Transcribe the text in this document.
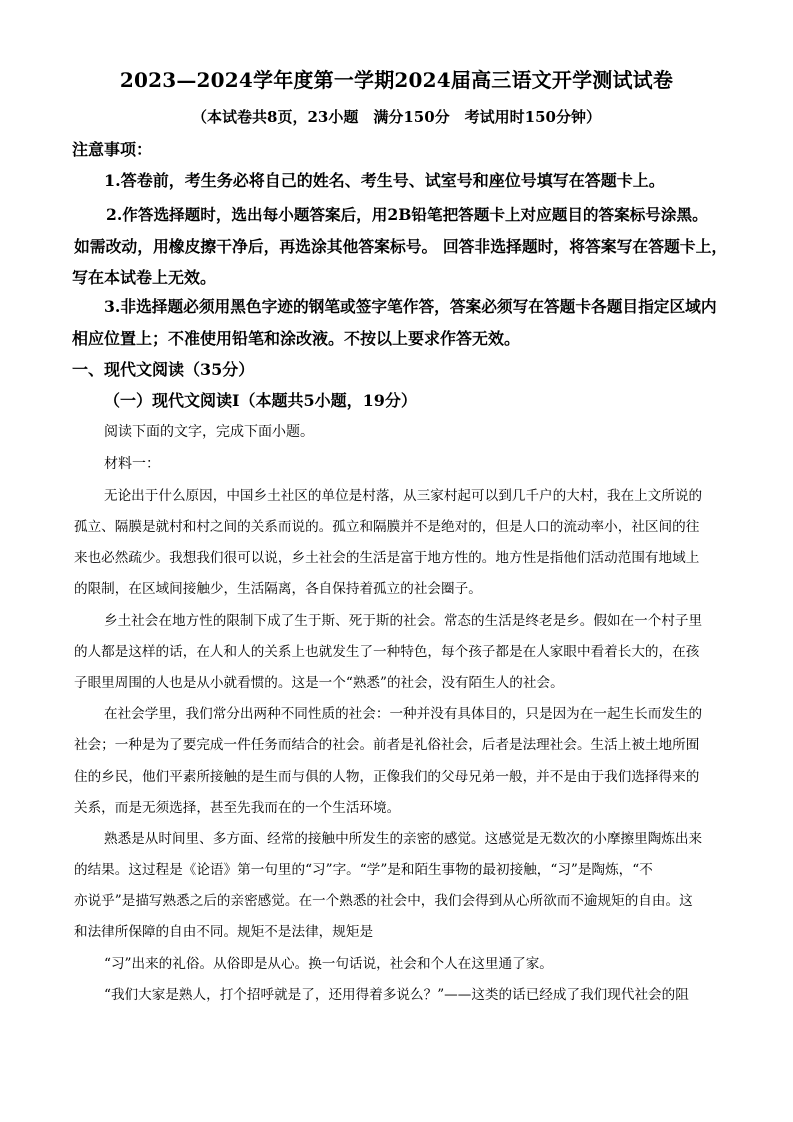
2023—2024学年度第一学期2024届高三语文开学测试试卷
（本试卷共8页，23小题　满分150分　考试用时150分钟）
注意事项：
1.答卷前，考生务必将自己的姓名、考生号、试室号和座位号填写在答题卡上。
2.作答选择题时，选出每小题答案后，用2B铅笔把答题卡上对应题目的答案标号涂黑。
如需改动，用橡皮擦干净后，再选涂其他答案标号。 回答非选择题时，将答案写在答题卡上，
写在本试卷上无效。
3.非选择题必须用黑色字迹的钢笔或签字笔作答，答案必须写在答题卡各题目指定区域内
相应位置上；不准使用铅笔和涂改液。不按以上要求作答无效。
一、现代文阅读（35分）
（一）现代文阅读Ⅰ（本题共5小题，19分）
阅读下面的文字，完成下面小题。
材料一：
无论出于什么原因，中国乡土社区的单位是村落，从三家村起可以到几千户的大村，我在上文所说的
孤立、隔膜是就村和村之间的关系而说的。孤立和隔膜并不是绝对的，但是人口的流动率小，社区间的往
来也必然疏少。我想我们很可以说，乡土社会的生活是富于地方性的。地方性是指他们活动范围有地域上
的限制，在区域间接触少，生活隔离，各自保持着孤立的社会圈子。
乡土社会在地方性的限制下成了生于斯、死于斯的社会。常态的生活是终老是乡。假如在一个村子里
的人都是这样的话，在人和人的关系上也就发生了一种特色，每个孩子都是在人家眼中看着长大的，在孩
子眼里周围的人也是从小就看惯的。这是一个“熟悉”的社会，没有陌生人的社会。
在社会学里，我们常分出两种不同性质的社会：一种并没有具体目的，只是因为在一起生长而发生的
社会；一种是为了要完成一件任务而结合的社会。前者是礼俗社会，后者是法理社会。生活上被土地所囿
住的乡民，他们平素所接触的是生而与俱的人物，正像我们的父母兄弟一般，并不是由于我们选择得来的
关系，而是无须选择，甚至先我而在的一个生活环境。
熟悉是从时间里、多方面、经常的接触中所发生的亲密的感觉。这感觉是无数次的小摩擦里陶炼出来
的结果。这过程是《论语》第一句里的“习”字。“学”是和陌生事物的最初接触，“习”是陶炼，“不
亦说乎”是描写熟悉之后的亲密感觉。在一个熟悉的社会中，我们会得到从心所欲而不逾规矩的自由。这
和法律所保障的自由不同。规矩不是法律，规矩是
“习”出来的礼俗。从俗即是从心。换一句话说，社会和个人在这里通了家。
“我们大家是熟人，打个招呼就是了，还用得着多说么？”——这类的话已经成了我们现代社会的阻
